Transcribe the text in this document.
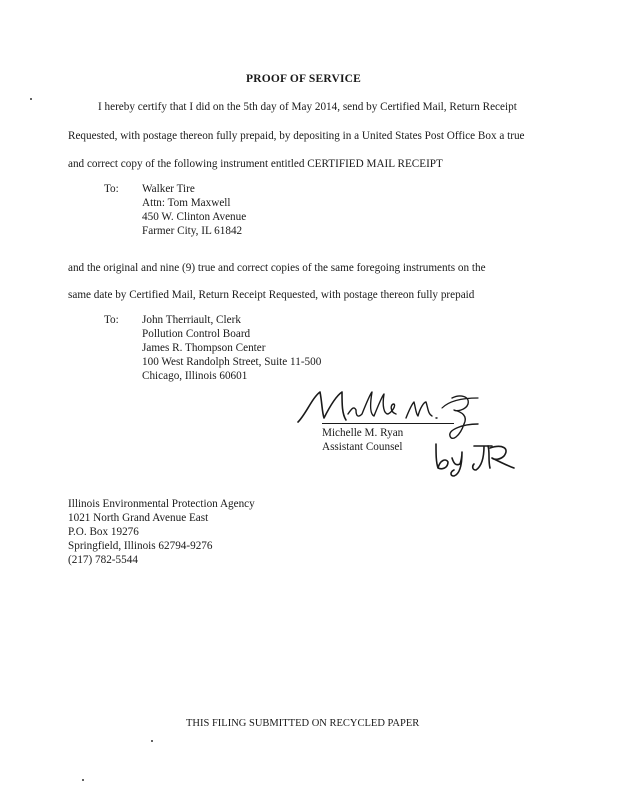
PROOF OF SERVICE
I hereby certify that I did on the 5th day of May 2014, send by Certified Mail, Return Receipt
Requested, with postage thereon fully prepaid, by depositing in a United States Post Office Box a true
and correct copy of the following instrument entitled CERTIFIED MAIL RECEIPT
To: Walker Tire
Attn: Tom Maxwell
450 W. Clinton Avenue
Farmer City, IL 61842
and the original and nine (9) true and correct copies of the same foregoing instruments on the
same date by Certified Mail, Return Receipt Requested, with postage thereon fully prepaid
To: John Therriault, Clerk
Pollution Control Board
James R. Thompson Center
100 West Randolph Street, Suite 11-500
Chicago, Illinois 60601
Michelle M. Ryan
Assistant Counsel
Illinois Environmental Protection Agency
1021 North Grand Avenue East
P.O. Box 19276
Springfield, Illinois 62794-9276
(217) 782-5544
THIS FILING SUBMITTED ON RECYCLED PAPER
